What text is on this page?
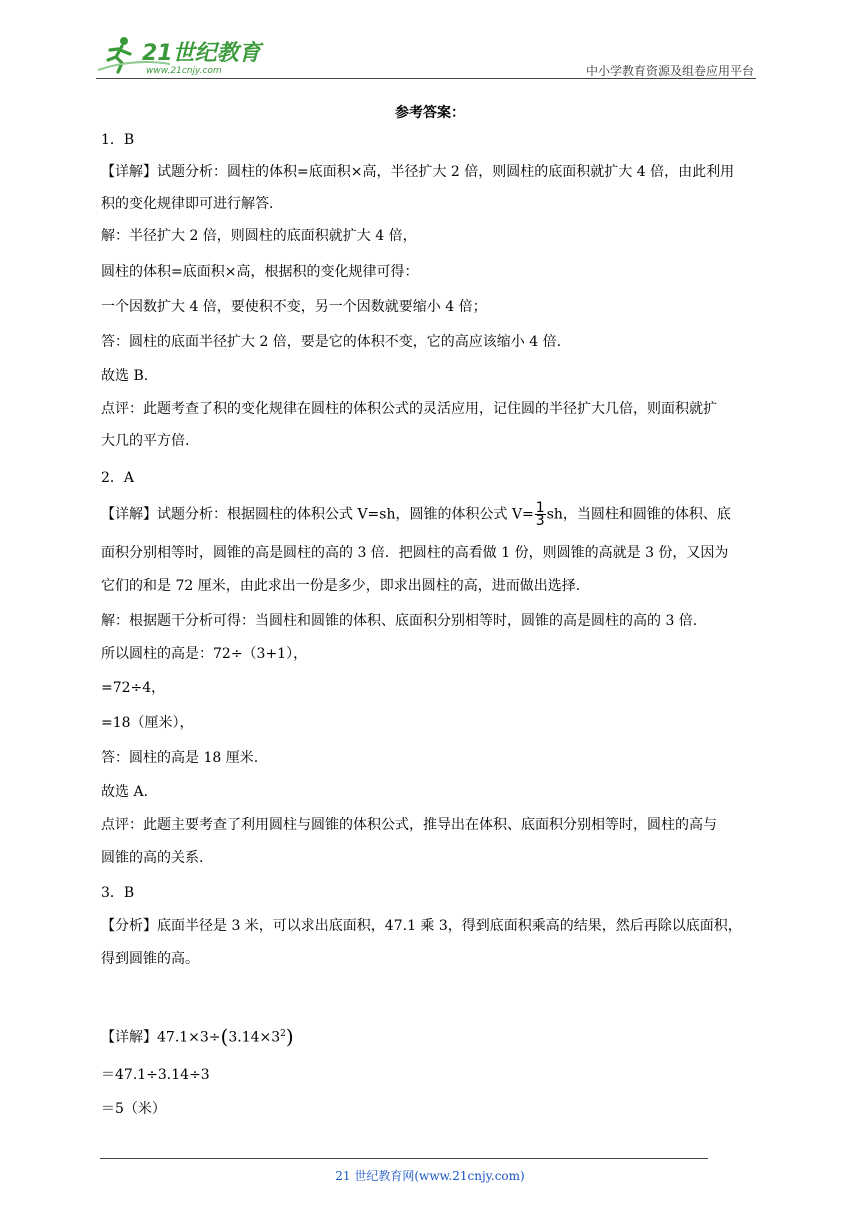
21世纪教育
www.21cnjy.com	中小学教育资源及组卷应用平台
参考答案：
1．B
【详解】试题分析：圆柱的体积=底面积×高，半径扩大 2 倍，则圆柱的底面积就扩大 4 倍，由此利用
积的变化规律即可进行解答.
解：半径扩大 2 倍，则圆柱的底面积就扩大 4 倍，
圆柱的体积=底面积×高，根据积的变化规律可得：
一个因数扩大 4 倍，要使积不变，另一个因数就要缩小 4 倍；
答：圆柱的底面半径扩大 2 倍，要是它的体积不变，它的高应该缩小 4 倍.
故选 B.
点评：此题考查了积的变化规律在圆柱的体积公式的灵活应用，记住圆的半径扩大几倍，则面积就扩
大几的平方倍.
2．A
【详解】试题分析：根据圆柱的体积公式 V=sh，圆锥的体积公式 $V= \frac{1}{3}$ sh，当圆柱和圆锥的体积、底
面积分别相等时，圆锥的高是圆柱的高的 3 倍．把圆柱的高看做 1 份，则圆锥的高就是 3 份，又因为
它们的和是 72 厘米，由此求出一份是多少，即求出圆柱的高，进而做出选择.
解：根据题干分析可得：当圆柱和圆锥的体积、底面积分别相等时，圆锥的高是圆柱的高的 3 倍.
所以圆柱的高是：72÷（3+1），
=72÷4，
=18（厘米），
答：圆柱的高是 18 厘米.
故选 A.
点评：此题主要考查了利用圆柱与圆锥的体积公式，推导出在体积、底面积分别相等时，圆柱的高与
圆锥的高的关系.
3．B
【分析】底面半径是 3 米，可以求出底面积，47.1 乘 3，得到底面积乘高的结果，然后再除以底面积，
得到圆锥的高。
【详解】$47.1\times 3\div(3.14\times 3^2)$
＝47.1÷3.14÷3
＝5（米）
21 世纪教育网(www.21cnjy.com)
